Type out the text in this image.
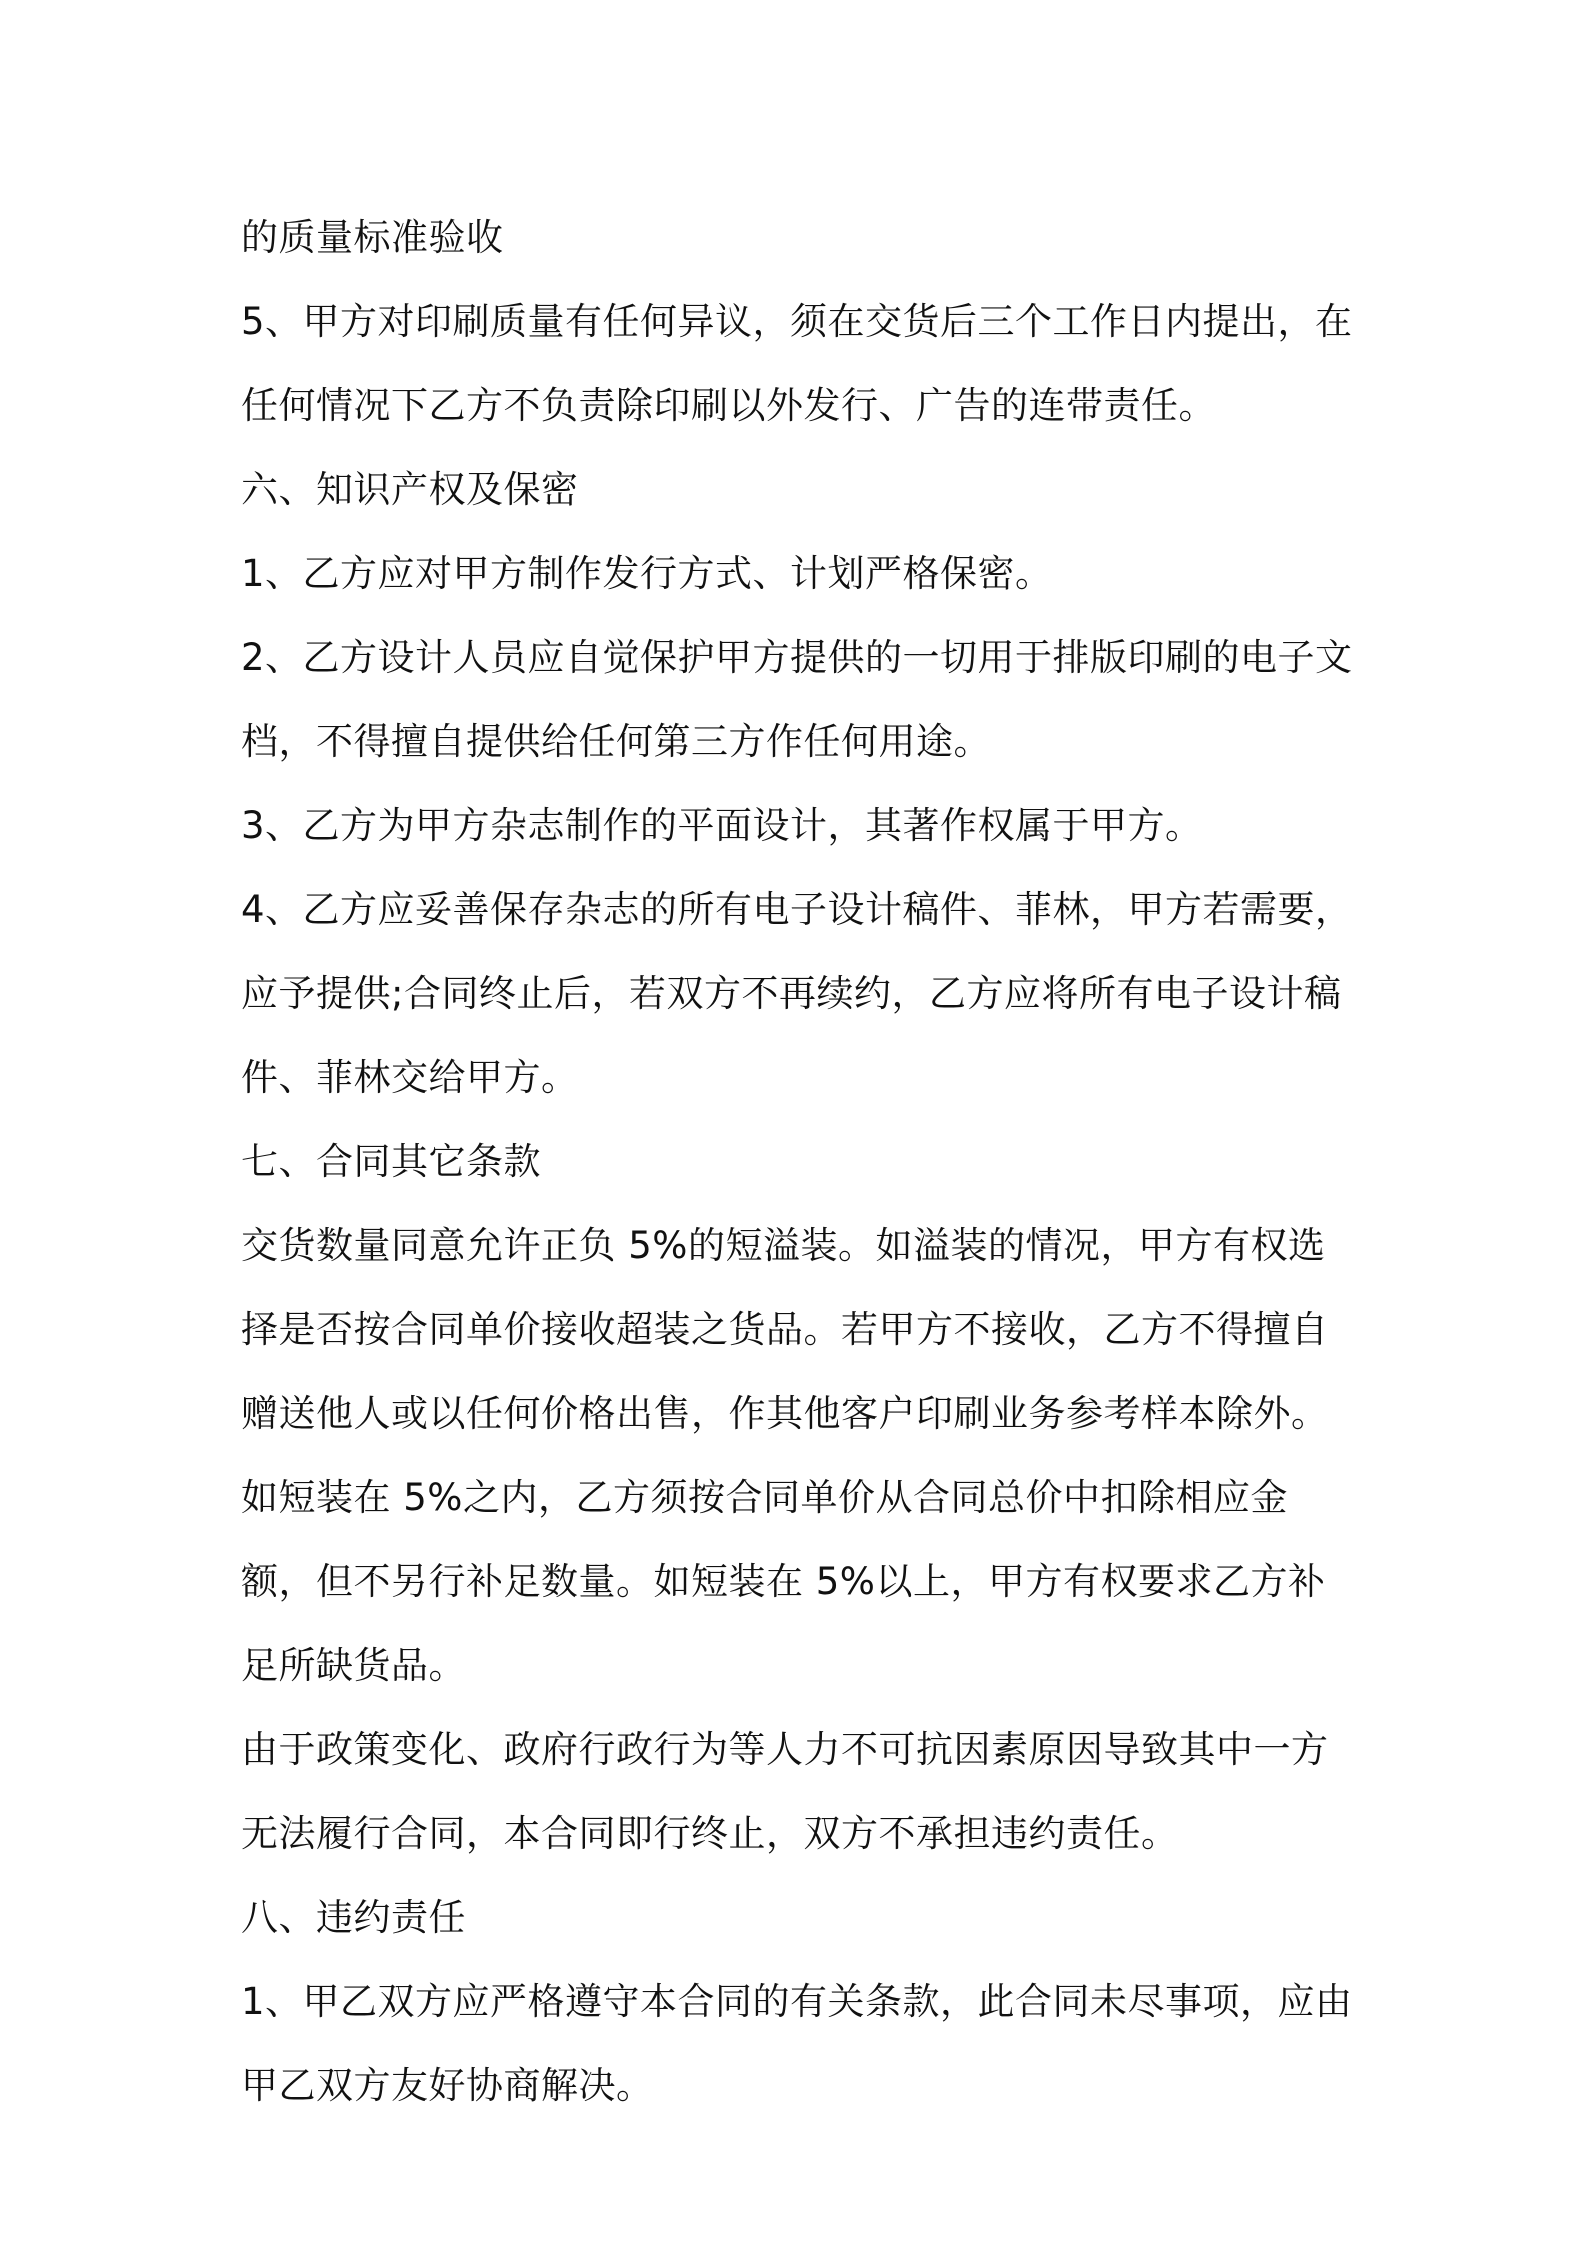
的质量标准验收

5、甲方对印刷质量有任何异议，须在交货后三个工作日内提出，在任何情况下乙方不负责除印刷以外发行、广告的连带责任。

六、知识产权及保密

1、乙方应对甲方制作发行方式、计划严格保密。

2、乙方设计人员应自觉保护甲方提供的一切用于排版印刷的电子文档，不得擅自提供给任何第三方作任何用途。

3、乙方为甲方杂志制作的平面设计，其著作权属于甲方。

4、乙方应妥善保存杂志的所有电子设计稿件、菲林，甲方若需要，应予提供;合同终止后，若双方不再续约，乙方应将所有电子设计稿件、菲林交给甲方。

七、合同其它条款

交货数量同意允许正负 5%的短溢装。如溢装的情况，甲方有权选择是否按合同单价接收超装之货品。若甲方不接收，乙方不得擅自赠送他人或以任何价格出售，作其他客户印刷业务参考样本除外。如短装在 5%之内，乙方须按合同单价从合同总价中扣除相应金额，但不另行补足数量。如短装在 5%以上，甲方有权要求乙方补足所缺货品。

由于政策变化、政府行政行为等人力不可抗因素原因导致其中一方无法履行合同，本合同即行终止，双方不承担违约责任。

八、违约责任

1、甲乙双方应严格遵守本合同的有关条款，此合同未尽事项，应由甲乙双方友好协商解决。
